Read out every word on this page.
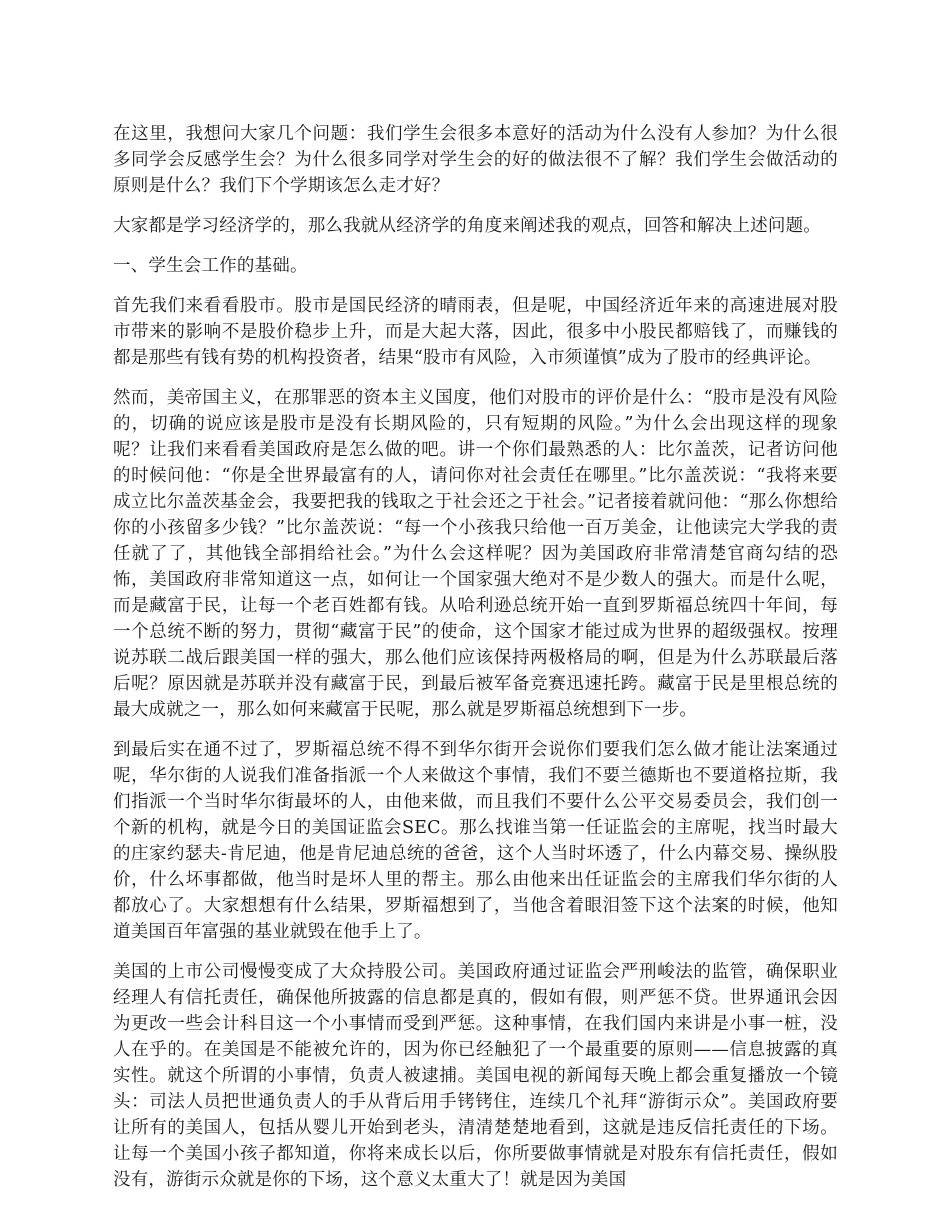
在这里，我想问大家几个问题：我们学生会很多本意好的活动为什么没有人参加？为什么很多同学会反感学生会？为什么很多同学对学生会的好的做法很不了解？我们学生会做活动的原则是什么？我们下个学期该怎么走才好？

大家都是学习经济学的，那么我就从经济学的角度来阐述我的观点，回答和解决上述问题。

一、学生会工作的基础。

首先我们来看看股市。股市是国民经济的晴雨表，但是呢，中国经济近年来的高速进展对股市带来的影响不是股价稳步上升，而是大起大落，因此，很多中小股民都赔钱了，而赚钱的都是那些有钱有势的机构投资者，结果“股市有风险，入市须谨慎”成为了股市的经典评论。

然而，美帝国主义，在那罪恶的资本主义国度，他们对股市的评价是什么：“股市是没有风险的，切确的说应该是股市是没有长期风险的，只有短期的风险。”为什么会出现这样的现象呢？让我们来看看美国政府是怎么做的吧。讲一个你们最熟悉的人：比尔盖茨，记者访问他的时候问他：“你是全世界最富有的人，请问你对社会责任在哪里。”比尔盖茨说：“我将来要成立比尔盖茨基金会，我要把我的钱取之于社会还之于社会。”记者接着就问他：“那么你想给你的小孩留多少钱？”比尔盖茨说：“每一个小孩我只给他一百万美金，让他读完大学我的责任就了了，其他钱全部捐给社会。”为什么会这样呢？因为美国政府非常清楚官商勾结的恐怖，美国政府非常知道这一点，如何让一个国家强大绝对不是少数人的强大。而是什么呢，而是藏富于民，让每一个老百姓都有钱。从哈利逊总统开始一直到罗斯福总统四十年间，每一个总统不断的努力，贯彻“藏富于民”的使命，这个国家才能过成为世界的超级强权。按理说苏联二战后跟美国一样的强大，那么他们应该保持两极格局的啊，但是为什么苏联最后落后呢？原因就是苏联并没有藏富于民，到最后被军备竞赛迅速托跨。藏富于民是里根总统的最大成就之一，那么如何来藏富于民呢，那么就是罗斯福总统想到下一步。

到最后实在通不过了，罗斯福总统不得不到华尔街开会说你们要我们怎么做才能让法案通过呢，华尔街的人说我们准备指派一个人来做这个事情，我们不要兰德斯也不要道格拉斯，我们指派一个当时华尔街最坏的人，由他来做，而且我们不要什么公平交易委员会，我们创一个新的机构，就是今日的美国证监会SEC。那么找谁当第一任证监会的主席呢，找当时最大的庄家约瑟夫-肯尼迪，他是肯尼迪总统的爸爸，这个人当时坏透了，什么内幕交易、操纵股价，什么坏事都做，他当时是坏人里的帮主。那么由他来出任证监会的主席我们华尔街的人都放心了。大家想想有什么结果，罗斯福想到了，当他含着眼泪签下这个法案的时候，他知道美国百年富强的基业就毁在他手上了。

美国的上市公司慢慢变成了大众持股公司。美国政府通过证监会严刑峻法的监管，确保职业经理人有信托责任，确保他所披露的信息都是真的，假如有假，则严惩不贷。世界通讯会因为更改一些会计科目这一个小事情而受到严惩。这种事情，在我们国内来讲是小事一桩，没人在乎的。在美国是不能被允许的，因为你已经触犯了一个最重要的原则——信息披露的真实性。就这个所谓的小事情，负责人被逮捕。美国电视的新闻每天晚上都会重复播放一个镜头：司法人员把世通负责人的手从背后用手铐铐住，连续几个礼拜“游街示众”。美国政府要让所有的美国人，包括从婴儿开始到老头，清清楚楚地看到，这就是违反信托责任的下场。让每一个美国小孩子都知道，你将来成长以后，你所要做事情就是对股东有信托责任，假如没有，游街示众就是你的下场，这个意义太重大了！就是因为美国
